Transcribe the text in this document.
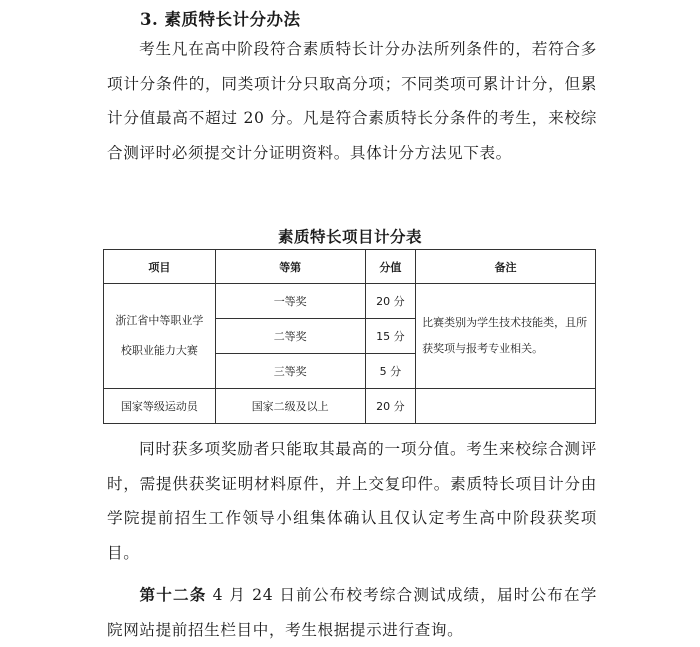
3. 素质特长计分办法

考生凡在高中阶段符合素质特长计分办法所列条件的，若符合多项计分条件的，同类项计分只取高分项；不同类项可累计计分，但累计分值最高不超过 20 分。凡是符合素质特长分条件的考生，来校综合测评时必须提交计分证明资料。具体计分方法见下表。

素质特长项目计分表
项目	等第	分值	备注
浙江省中等职业学校职业能力大赛	一等奖	20 分	比赛类别为学生技术技能类，且所获奖项与报考专业相关。
	二等奖	15 分	
	三等奖	5 分	
国家等级运动员	国家二级及以上	20 分	

同时获多项奖励者只能取其最高的一项分值。考生来校综合测评时，需提供获奖证明材料原件，并上交复印件。素质特长项目计分由学院提前招生工作领导小组集体确认且仅认定考生高中阶段获奖项目。

第十二条 4 月 24 日前公布校考综合测试成绩，届时公布在学院网站提前招生栏目中，考生根据提示进行查询。
